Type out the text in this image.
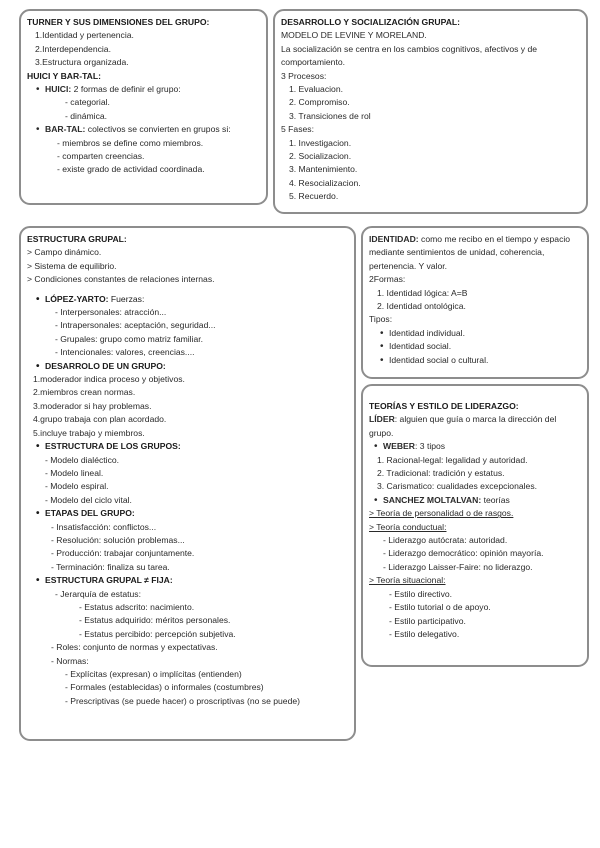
TURNER Y SUS DIMENSIONES DEL GRUPO:
1.Identidad y pertenencia.
2.Interdependencia.
3.Estructura organizada.
HUICI Y BAR-TAL:
• HUICI: 2 formas de definir el grupo:
- categorial.
- dinámica.
• BAR-TAL: colectivos se convierten en grupos si:
- miembros se define como miembros.
- comparten creencias.
- existe grado de actividad coordinada.
DESARROLLO Y SOCIALIZACIÓN GRUPAL:
MODELO DE LEVINE Y MORELAND.
La socialización se centra en los cambios cognitivos, afectivos y de comportamiento.
3 Procesos:
1. Evaluacion.
2. Compromiso.
3. Transiciones de rol
5 Fases:
1. Investigacion.
2. Socializacion.
3. Mantenimiento.
4. Resocializacion.
5. Recuerdo.
ESTRUCTURA GRUPAL:
> Campo dinámico.
> Sistema de equilibrio.
> Condiciones constantes de relaciones internas.
• LÓPEZ-YARTO: Fuerzas:
- Interpersonales: atracción...
- Intrapersonales: aceptación, seguridad...
- Grupales: grupo como matriz familiar.
- Intencionales: valores, creencias....
• DESARROLO DE UN GRUPO:
1.moderador indica proceso y objetivos.
2.miembros crean normas.
3.moderador si hay problemas.
4.grupo trabaja con plan acordado.
5.incluye trabajo y miembros.
• ESTRUCTURA DE LOS GRUPOS:
- Modelo dialéctico.
- Modelo lineal.
- Modelo espiral.
- Modelo del ciclo vital.
• ETAPAS DEL GRUPO:
- Insatisfacción: conflictos...
- Resolución: solución problemas...
- Producción: trabajar conjuntamente.
- Terminación: finaliza su tarea.
• ESTRUCTURA GRUPAL ≠ FIJA:
- Jerarquía de estatus:
- Estatus adscrito: nacimiento.
- Estatus adquirido: méritos personales.
- Estatus percibido: percepción subjetiva.
- Roles: conjunto de normas y expectativas.
- Normas:
- Explícitas (expresan) o implícitas (entienden)
- Formales (establecidas) o informales (costumbres)
- Prescriptivas (se puede hacer) o proscriptivas (no se puede)
IDENTIDAD: como me recibo en el tiempo y espacio mediante sentimientos de unidad, coherencia, pertenencia. Y valor.
2Formas:
1. Identidad lógica: A=B
2. Identidad ontológica.
Tipos:
• Identidad individual.
• Identidad social.
• Identidad social o cultural.
TEORÍAS Y ESTILO DE LIDERAZGO:
LÍDER: alguien que guía o marca la dirección del grupo.
• WEBER: 3 tipos
1. Racional-legal: legalidad y autoridad.
2. Tradicional: tradición y estatus.
3. Carismatico: cualidades excepcionales.
• SANCHEZ MOLTALVAN: teorías
> Teoría de personalidad o de rasgos.
> Teoría conductual:
- Liderazgo autócrata: autoridad.
- Liderazgo democrático: opinión mayoría.
- Liderazgo Laisser-Faire: no liderazgo.
> Teoría situacional:
- Estilo directivo.
- Estilo tutorial o de apoyo.
- Estilo participativo.
- Estilo delegativo.
